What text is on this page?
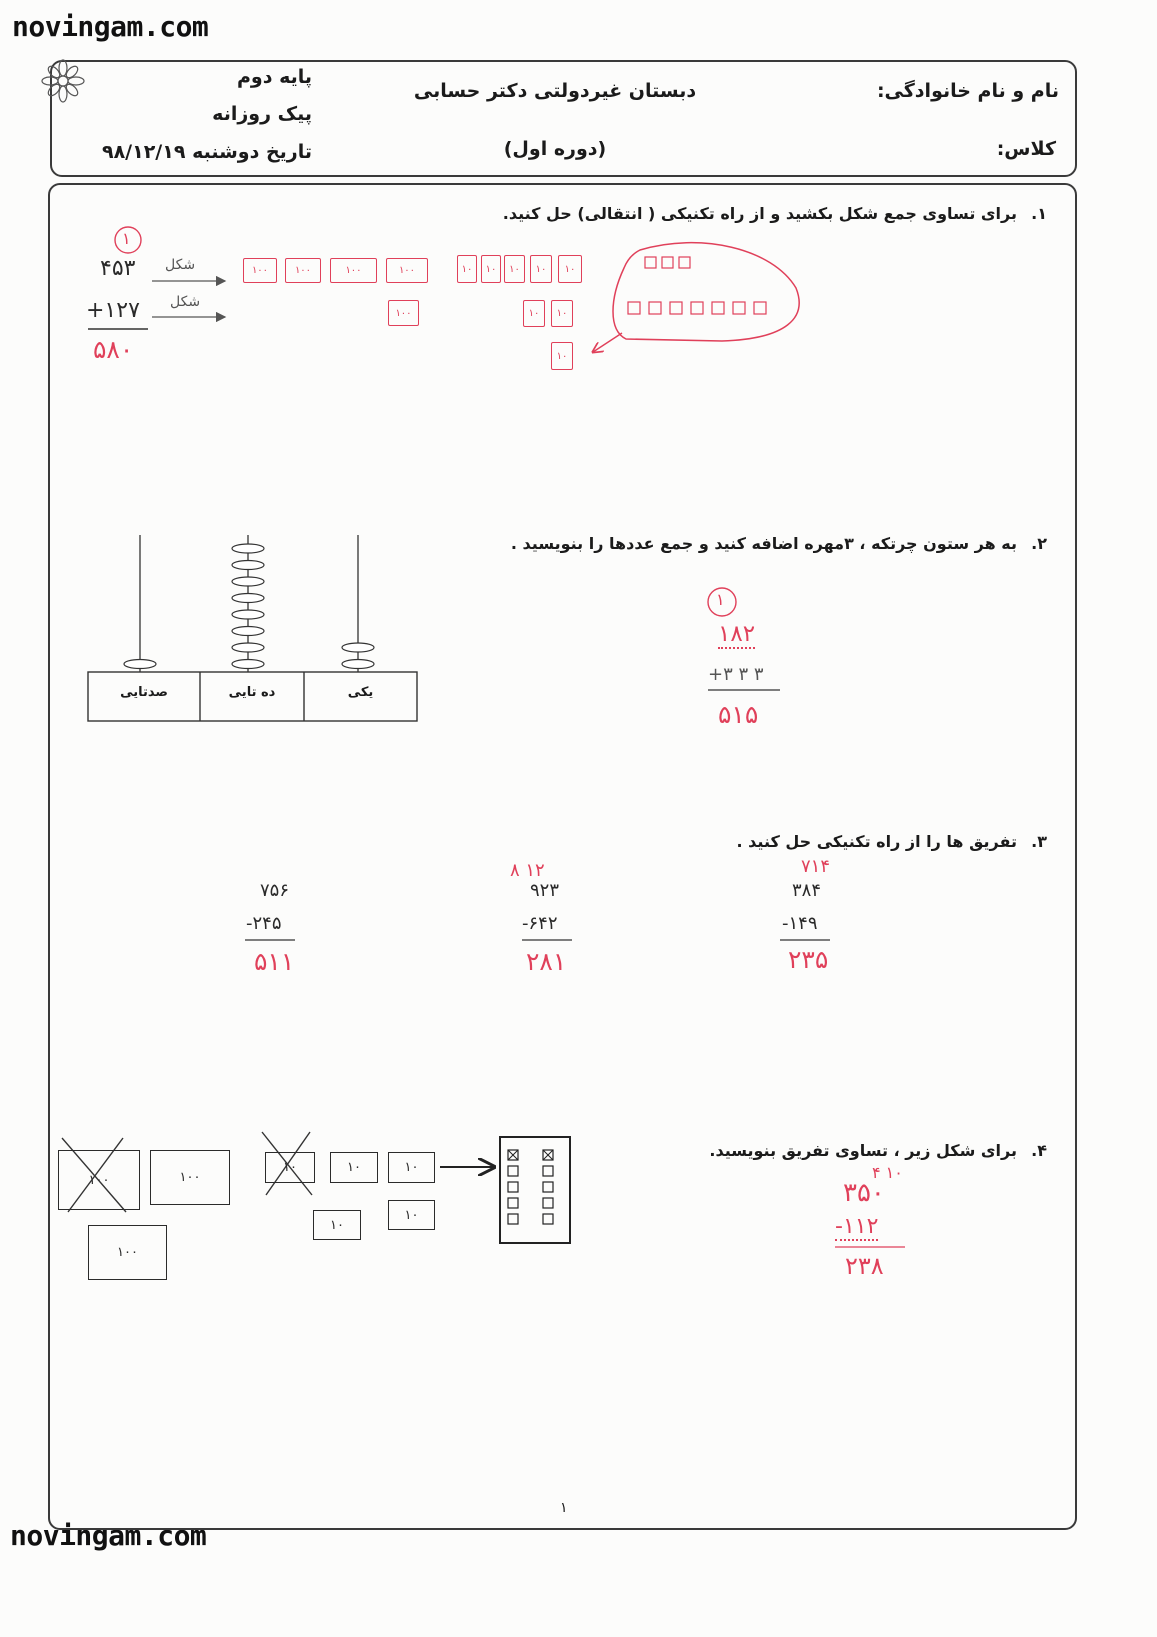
novingam.com
novingam.com
نام و نام خانوادگی:
کلاس:
دبستان غیردولتی دکتر حسابی
(دوره اول)
پایه دوم
پیک روزانه
تاریخ دوشنبه ۹۸/۱۲/۱۹
۱.
برای تساوی جمع شکل بکشید و از راه تکنیکی ( انتقالی) حل کنید.
۱
۴۵۳
+۱۲۷
۵۸۰
شکل
شکل
۱۰۰	۱۰۰	۱۰۰	۱۰۰	۱۰	۱۰	۱۰	۱۰	۱۰
۱۰۰	۱۰	۱۰
۱۰
۲.
به هر ستون چرتکه ، ۳مهره اضافه کنید و جمع عددها را بنویسید .
صدتایی	ده تایی	یکی
۱
۱۸۲
+۳ ۳ ۳
۵۱۵
۳.
تفریق ها را از راه تکنیکی حل کنید .
۷۱۴
۳۸۴
-۱۴۹
۲۳۵
۸ ۱۲
۹۲۳
-۶۴۲
۲۸۱
۷۵۶
-۲۴۵
۵۱۱
۴.
برای شکل زیر ، تساوی تفریق بنویسید.
۱۰۰	۱۰۰
۱۰۰
۱۰	۱۰	۱۰
۱۰
۱۰
۴ ۱۰
۳۵۰
-۱۱۲
۲۳۸
۱
